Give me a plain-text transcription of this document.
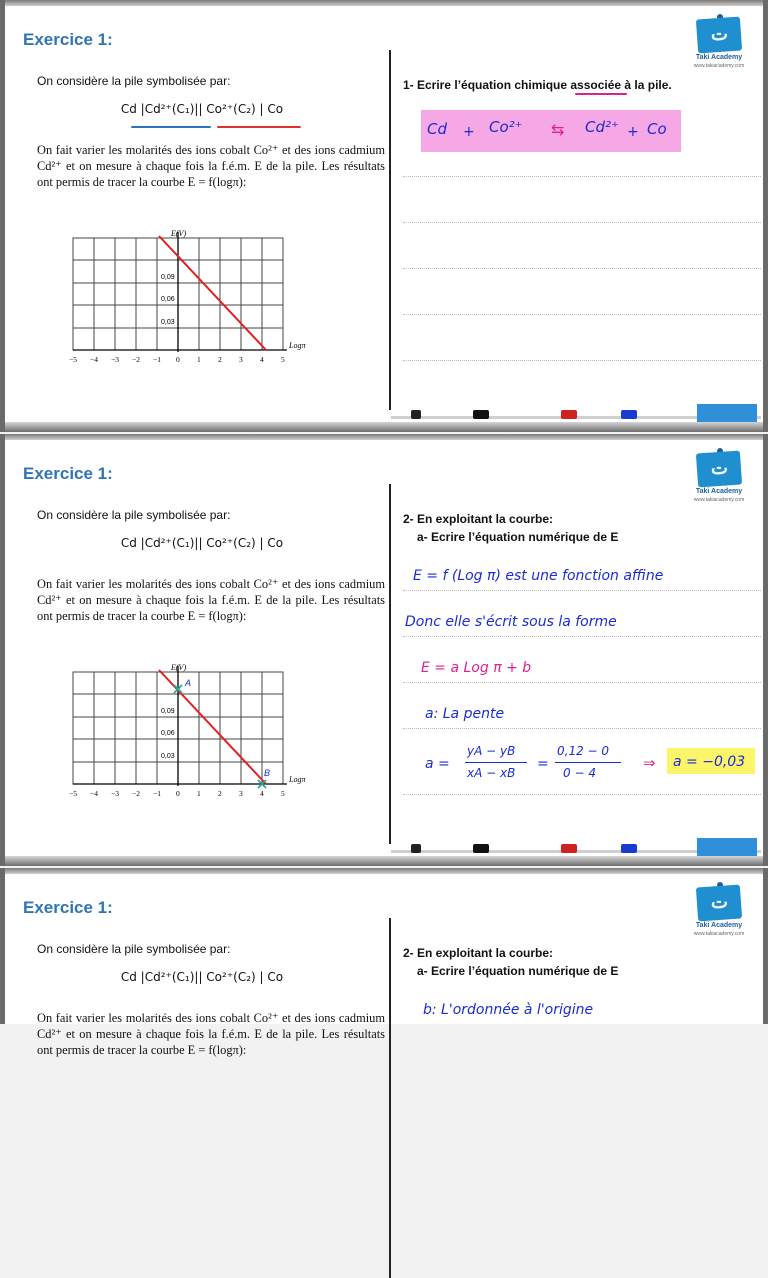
Exercice 1:	ت
Taki Academy
www.takiacademy.com
On considère la pile symbolisée par:
Cd |Cd²⁺(C₁)|| Co²⁺(C₂) | Co
On fait varier les molarités des ions cobalt Co²⁺ et des ions cadmium Cd²⁺ et on mesure à chaque fois la f.é.m. E de la pile. Les résultats ont permis de tracer la courbe E = f(logπ):
E(V)
Logπ
0,09
0,06
0,03
−5 −4 −3 −2 −1 0 1 2 3 4 5
1- Ecrire l’équation chimique associée à la pile.
Cd + Co²⁺ ⇆ Cd²⁺ + Co
Exercice 1:	ت
Taki Academy
www.takiacademy.com
On considère la pile symbolisée par:
Cd |Cd²⁺(C₁)|| Co²⁺(C₂) | Co
On fait varier les molarités des ions cobalt Co²⁺ et des ions cadmium Cd²⁺ et on mesure à chaque fois la f.é.m. E de la pile. Les résultats ont permis de tracer la courbe E = f(logπ):
A
B
E(V)
Logπ
0,09
0,06
0,03
−5 −4 −3 −2 −1 0 1 2 3 4 5
2- En exploitant la courbe:
a- Ecrire l’équation numérique de E
E = f (Log π) est une fonction affine
Donc elle s'écrit sous la forme
E = a Log π + b
a: La pente
a =
yA − yB
xA − xB
=
0,12 − 0
0 − 4
⇒ a = −0,03
Exercice 1:	ت
Taki Academy
www.takiacademy.com
On considère la pile symbolisée par:
Cd |Cd²⁺(C₁)|| Co²⁺(C₂) | Co
On fait varier les molarités des ions cobalt Co²⁺ et des ions cadmium Cd²⁺ et on mesure à chaque fois la f.é.m. E de la pile. Les résultats ont permis de tracer la courbe E = f(logπ):
2- En exploitant la courbe:
a- Ecrire l’équation numérique de E
b: L'ordonnée à l'origine
